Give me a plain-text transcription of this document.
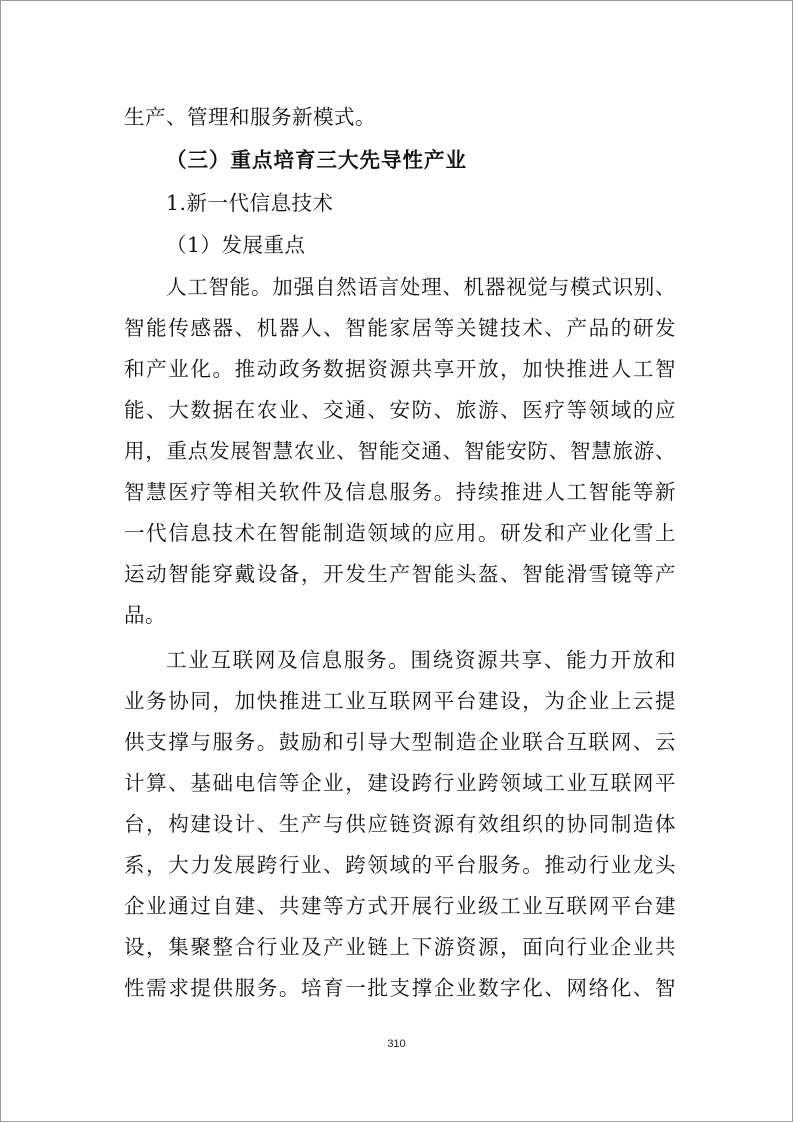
生产、管理和服务新模式。
（三）重点培育三大先导性产业
1.新一代信息技术
（1）发展重点
人工智能。加强自然语言处理、机器视觉与模式识别、
智能传感器、机器人、智能家居等关键技术、产品的研发
和产业化。推动政务数据资源共享开放，加快推进人工智
能、大数据在农业、交通、安防、旅游、医疗等领域的应
用，重点发展智慧农业、智能交通、智能安防、智慧旅游、
智慧医疗等相关软件及信息服务。持续推进人工智能等新
一代信息技术在智能制造领域的应用。研发和产业化雪上
运动智能穿戴设备，开发生产智能头盔、智能滑雪镜等产
品。
工业互联网及信息服务。围绕资源共享、能力开放和
业务协同，加快推进工业互联网平台建设，为企业上云提
供支撑与服务。鼓励和引导大型制造企业联合互联网、云
计算、基础电信等企业，建设跨行业跨领域工业互联网平
台，构建设计、生产与供应链资源有效组织的协同制造体
系，大力发展跨行业、跨领域的平台服务。推动行业龙头
企业通过自建、共建等方式开展行业级工业互联网平台建
设，集聚整合行业及产业链上下游资源，面向行业企业共
性需求提供服务。培育一批支撑企业数字化、网络化、智
310
